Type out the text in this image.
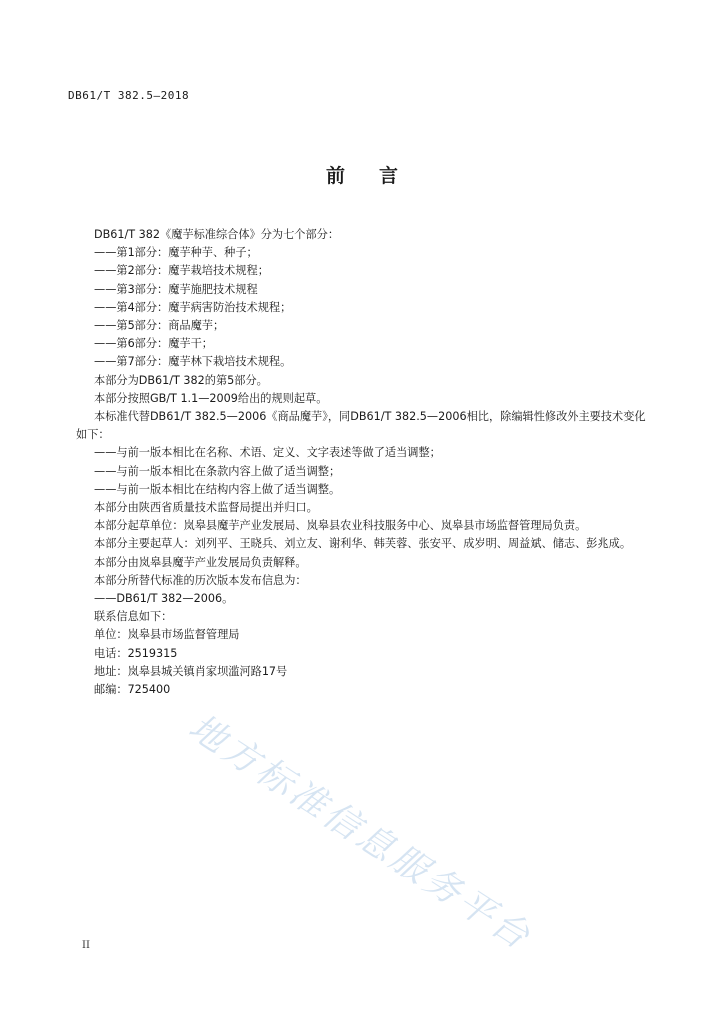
DB61/T 382.5—2018
前言
DB61/T 382《魔芋标准综合体》分为七个部分：
——第1部分：魔芋种芋、种子；
——第2部分：魔芋栽培技术规程；
——第3部分：魔芋施肥技术规程
——第4部分：魔芋病害防治技术规程；
——第5部分：商品魔芋；
——第6部分：魔芋干；
——第7部分：魔芋林下栽培技术规程。
本部分为DB61/T 382的第5部分。
本部分按照GB/T 1.1—2009给出的规则起草。
本标准代替DB61/T 382.5—2006《商品魔芋》，同DB61/T 382.5—2006相比，除编辑性修改外主要技术变化如下：
——与前一版本相比在名称、术语、定义、文字表述等做了适当调整；
——与前一版本相比在条款内容上做了适当调整；
——与前一版本相比在结构内容上做了适当调整。
本部分由陕西省质量技术监督局提出并归口。
本部分起草单位：岚皋县魔芋产业发展局、岚皋县农业科技服务中心、岚皋县市场监督管理局负责。
本部分主要起草人：刘列平、王晓兵、刘立友、谢利华、韩芙蓉、张安平、成岁明、周益斌、储志、彭兆成。
本部分由岚皋县魔芋产业发展局负责解释。
本部分所替代标准的历次版本发布信息为：
——DB61/T 382—2006。
联系信息如下：
单位：岚皋县市场监督管理局
电话：2519315
地址：岚皋县城关镇肖家坝滥河路17号
邮编：725400
地方标准信息服务平台
II
